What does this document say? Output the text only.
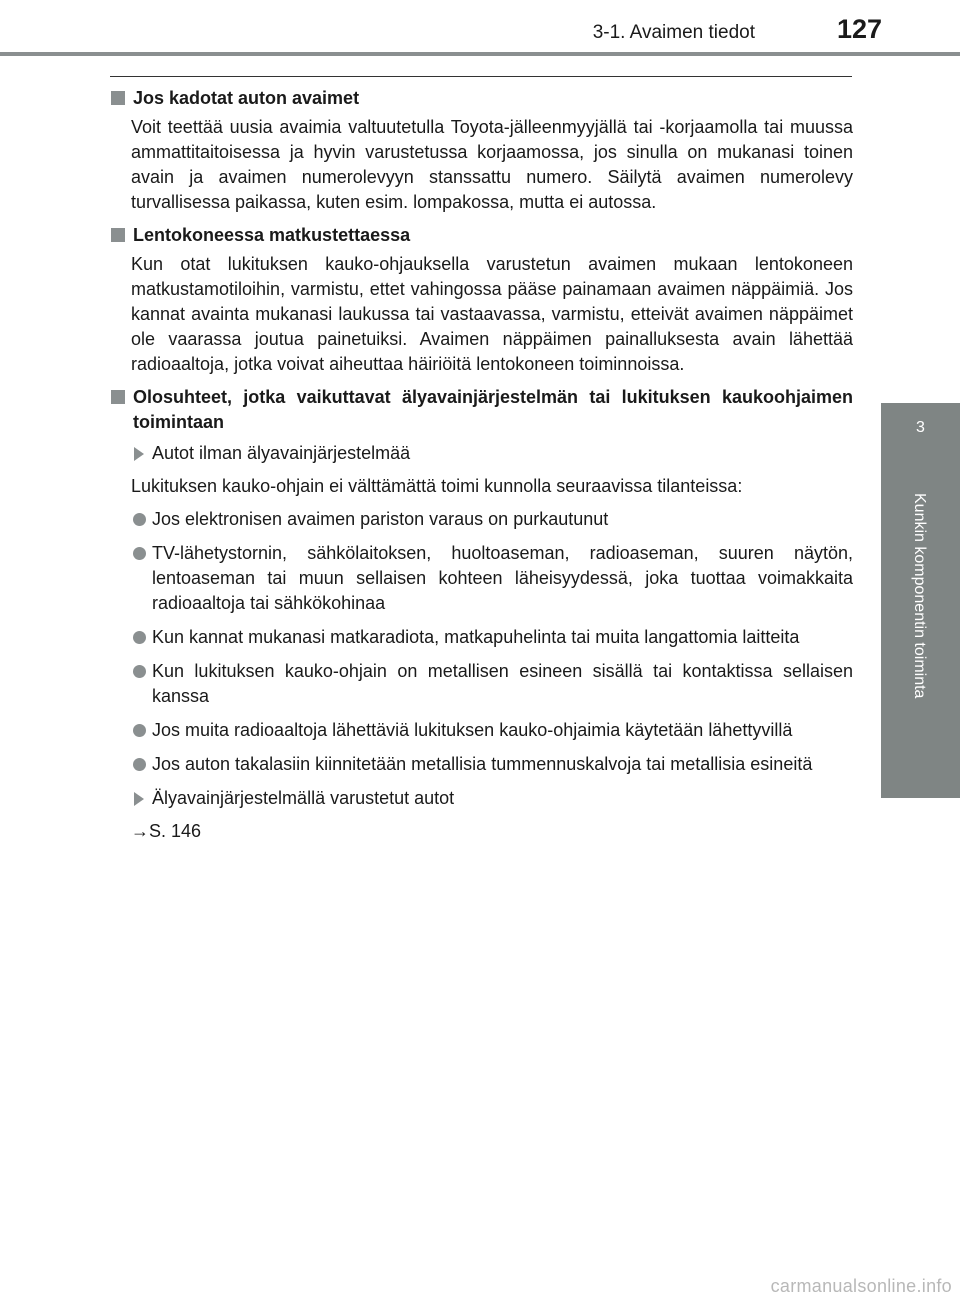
3-1. Avaimen tiedot	127
3
Kunkin komponentin toiminta
Jos kadotat auton avaimet
Voit teettää uusia avaimia valtuutetulla Toyota-jälleenmyyjällä tai -korjaamolla tai muussa ammattitaitoisessa ja hyvin varustetussa korjaamossa, jos sinulla on mukanasi toinen avain ja avaimen numerolevyyn stanssattu numero. Säilytä avaimen numerolevy turvallisessa paikassa, kuten esim. lompakossa, mutta ei autossa.
Lentokoneessa matkustettaessa
Kun otat lukituksen kauko-ohjauksella varustetun avaimen mukaan lentokoneen matkustamotiloihin, varmistu, ettet vahingossa pääse painamaan avaimen näppäimiä. Jos kannat avainta mukanasi laukussa tai vastaavassa, varmistu, etteivät avaimen näppäimet ole vaarassa joutua painetuiksi. Avaimen näppäimen painalluksesta avain lähettää radioaaltoja, jotka voivat aiheuttaa häiriöitä lentokoneen toiminnoissa.
Olosuhteet, jotka vaikuttavat älyavainjärjestelmän tai lukituksen kaukoohjaimen toimintaan
Autot ilman älyavainjärjestelmää
Lukituksen kauko-ohjain ei välttämättä toimi kunnolla seuraavissa tilanteissa:
Jos elektronisen avaimen pariston varaus on purkautunut
TV-lähetystornin, sähkölaitoksen, huoltoaseman, radioaseman, suuren näytön, lentoaseman tai muun sellaisen kohteen läheisyydessä, joka tuottaa voimakkaita radioaaltoja tai sähkökohinaa
Kun kannat mukanasi matkaradiota, matkapuhelinta tai muita langattomia laitteita
Kun lukituksen kauko-ohjain on metallisen esineen sisällä tai kontaktissa sellaisen kanssa
Jos muita radioaaltoja lähettäviä lukituksen kauko-ohjaimia käytetään lähettyvillä
Jos auton takalasiin kiinnitetään metallisia tummennuskalvoja tai metallisia esineitä
Älyavainjärjestelmällä varustetut autot
→S. 146
carmanualsonline.info
